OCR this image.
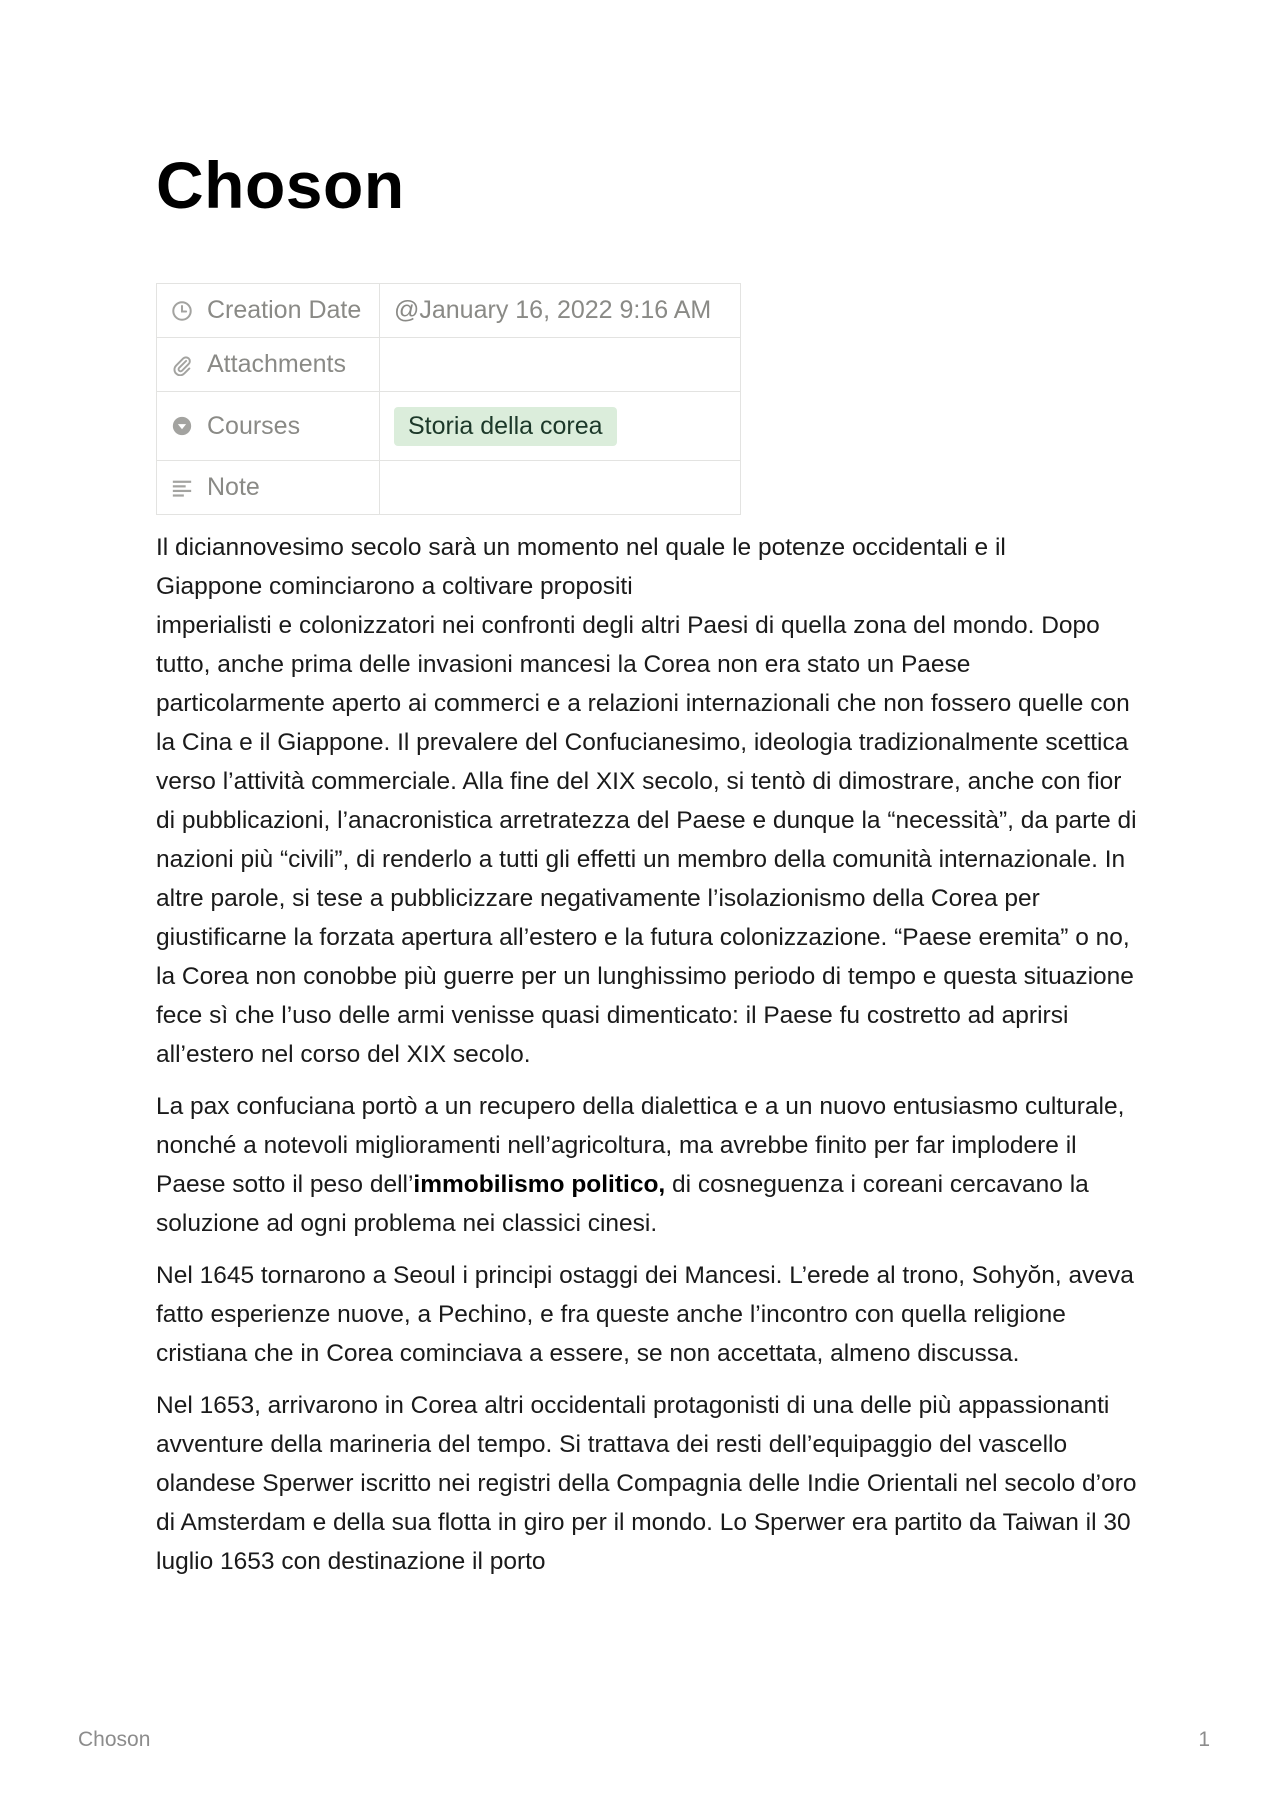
Choson
Creation Date	@January 16, 2022 9:16 AM

Attachments	

Courses	Storia della corea

Note	

Il diciannovesimo secolo sarà un momento nel quale le potenze occidentali e il
Giappone cominciarono a coltivare propositi
imperialisti e colonizzatori nei confronti degli altri Paesi di quella zona del mondo. Dopo tutto, anche prima delle invasioni mancesi la Corea non era stato un Paese particolarmente aperto ai commerci e a relazioni internazionali che non fossero quelle con la Cina e il Giappone. Il prevalere del Confucianesimo, ideologia tradizionalmente scettica verso l’attività commerciale. Alla fine del XIX secolo, si tentò di dimostrare, anche con fior di pubblicazioni, l’anacronistica arretratezza del Paese e dunque la “necessità”, da parte di nazioni più “civili”, di renderlo a tutti gli effetti un membro della comunità internazionale. In altre parole, si tese a pubblicizzare negativamente l’isolazionismo della Corea per giustificarne la forzata apertura all’estero e la futura colonizzazione. “Paese eremita” o no, la Corea non conobbe più guerre per un lunghissimo periodo di tempo e questa situazione fece sì che l’uso delle armi venisse quasi dimenticato: il Paese fu costretto ad aprirsi all’estero nel corso del XIX secolo.

La pax confuciana portò a un recupero della dialettica e a un nuovo entusiasmo culturale, nonché a notevoli miglioramenti nell’agricoltura, ma avrebbe finito per far implodere il Paese sotto il peso dell’immobilismo politico, di cosneguenza i coreani cercavano la soluzione ad ogni problema nei classici cinesi.

Nel 1645 tornarono a Seoul i principi ostaggi dei Mancesi. L’erede al trono, Sohyŏn, aveva fatto esperienze nuove, a Pechino, e fra queste anche l’incontro con quella religione cristiana che in Corea cominciava a essere, se non accettata, almeno discussa.

Nel 1653, arrivarono in Corea altri occidentali protagonisti di una delle più appassionanti avventure della marineria del tempo. Si trattava dei resti dell’equipaggio del vascello olandese Sperwer iscritto nei registri della Compagnia delle Indie Orientali nel secolo d’oro di Amsterdam e della sua flotta in giro per il mondo. Lo Sperwer era partito da Taiwan il 30 luglio 1653 con destinazione il porto

Choson	1
